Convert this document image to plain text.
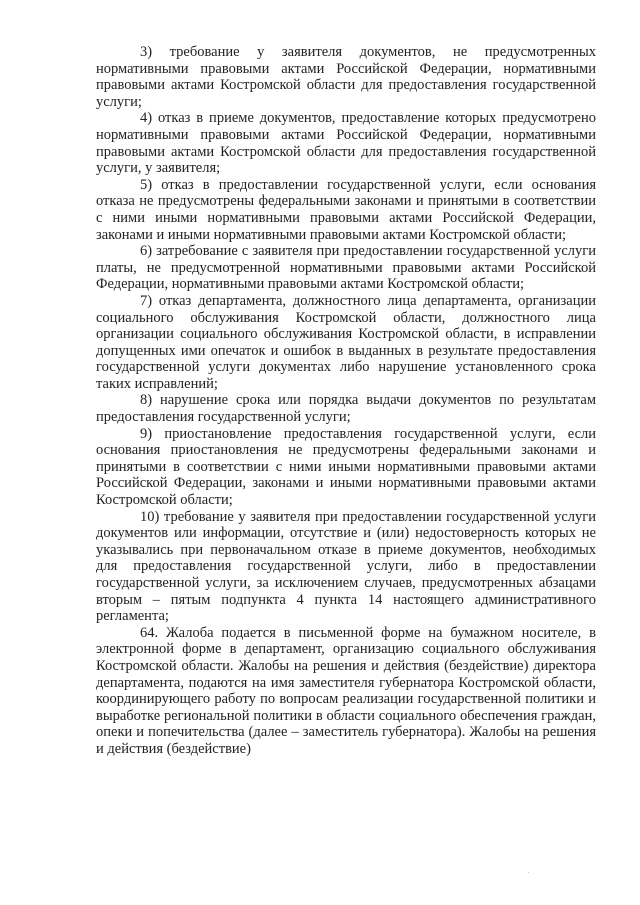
3) требование у заявителя документов, не предусмотренных нормативными правовыми актами Российской Федерации, нормативными правовыми актами Костромской области для предоставления государственной услуги;

4) отказ в приеме документов, предоставление которых предусмотрено нормативными правовыми актами Российской Федерации, нормативными правовыми актами Костромской области для предоставления государственной услуги, у заявителя;

5) отказ в предоставлении государственной услуги, если основания отказа не предусмотрены федеральными законами и принятыми в соответствии с ними иными нормативными правовыми актами Российской Федерации, законами и иными нормативными правовыми актами Костромской области;

6) затребование с заявителя при предоставлении государственной услуги платы, не предусмотренной нормативными правовыми актами Российской Федерации, нормативными правовыми актами Костромской области;

7) отказ департамента, должностного лица департамента, организации социального обслуживания Костромской области, должностного лица организации социального обслуживания Костромской области, в исправлении допущенных ими опечаток и ошибок в выданных в результате предоставления государственной услуги документах либо нарушение установленного срока таких исправлений;

8) нарушение срока или порядка выдачи документов по результатам предоставления государственной услуги;

9) приостановление предоставления государственной услуги, если основания приостановления не предусмотрены федеральными законами и принятыми в соответствии с ними иными нормативными правовыми актами Российской Федерации, законами и иными нормативными правовыми актами Костромской области;

10) требование у заявителя при предоставлении государственной услуги документов или информации, отсутствие и (или) недостоверность которых не указывались при первоначальном отказе в приеме документов, необходимых для предоставления государственной услуги, либо в предоставлении государственной услуги, за исключением случаев, предусмотренных абзацами вторым – пятым подпункта 4 пункта 14 настоящего административного регламента;

64. Жалоба подается в письменной форме на бумажном носителе, в электронной форме в департамент, организацию социального обслуживания Костромской области. Жалобы на решения и действия (бездействие) директора департамента, подаются на имя заместителя губернатора Костромской области, координирующего работу по вопросам реализации государственной политики и выработке региональной политики в области социального обеспечения граждан, опеки и попечительства (далее – заместитель губернатора). Жалобы на решения и действия (бездействие)
